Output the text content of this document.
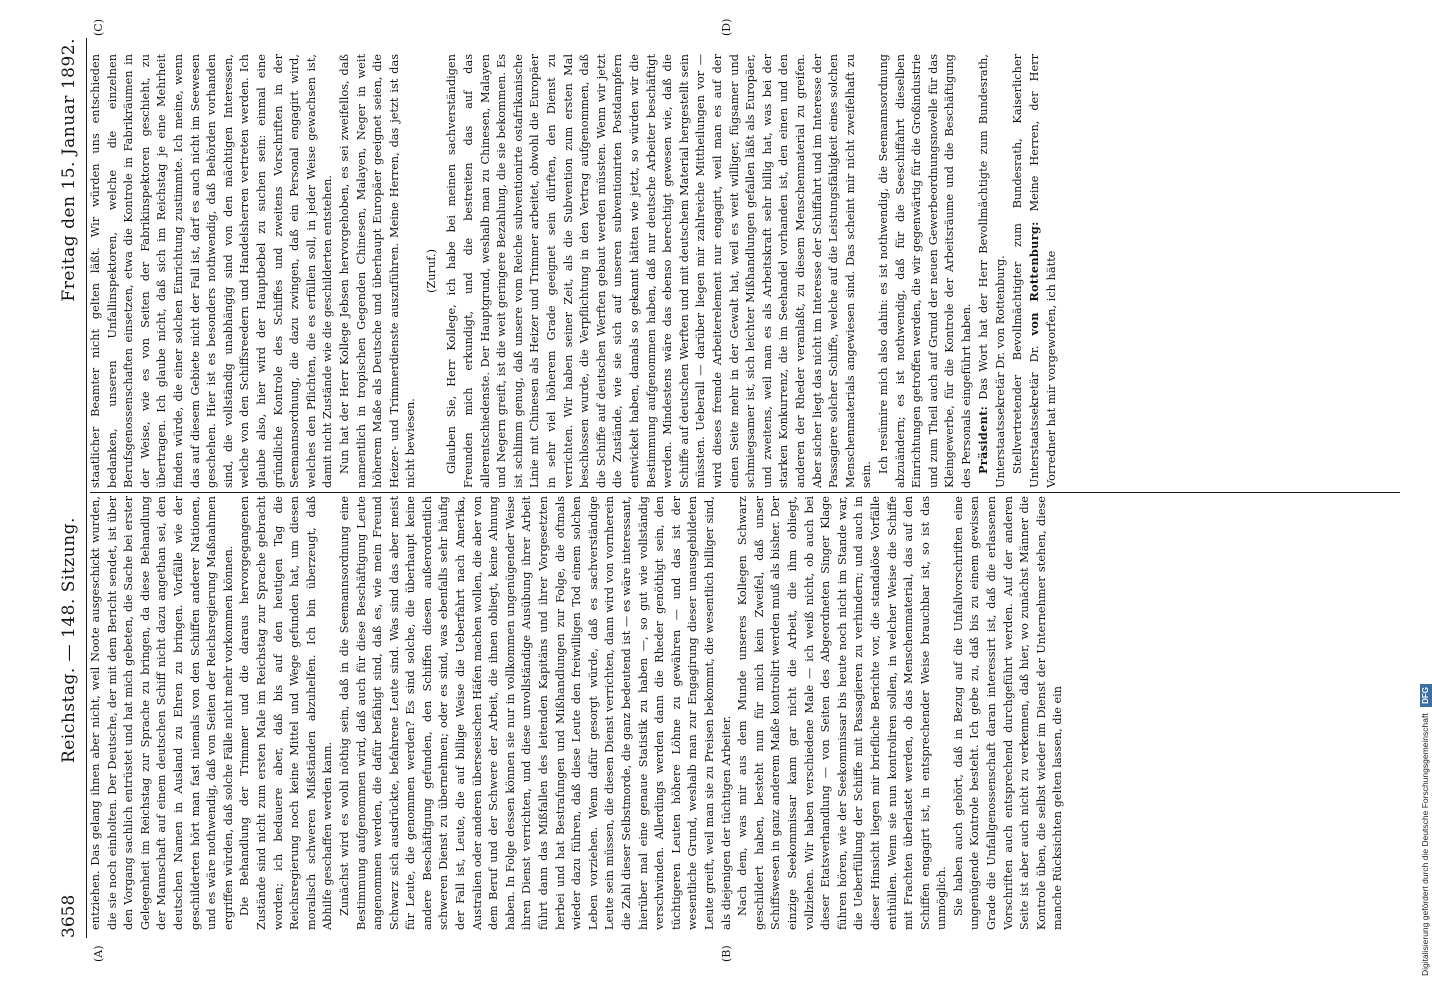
3658
Reichstag. — 148. Sitzung.
Freitag den 15. Januar 1892.
(A)	(B)
(C)	(D)

entziehen. Das gelang ihnen aber nicht, weil Noote ausgeschickt wurden, die sie noch einholten. Der Deutsche, der mit dem Bericht sendet, ist über den Vorgang sachlich entrüstet und hat mich gebeten, die Sache bei erster Gelegenheit im Reichstag zur Sprache zu bringen, da diese Behandlung der Mannschaft auf einem deutschen Schiff nicht dazu angethan sei, den deutschen Namen in Ausland zu Ehren zu bringen. Vorfälle wie der geschilderten hört man fast niemals von den Schiffen anderer Nationen, und es wäre nothwendig, daß von Seiten der Reichsregierung Maßnahmen ergriffen würden, daß solche Fälle nicht mehr vorkommen können. Die Behandlung der Trimmer und die daraus hervorgegangenen Zustände sind nicht zum ersten Male im Reichstag zur Sprache gebracht worden; ich bedauere aber, daß bis auf den heutigen Tag die Reichsregierung noch keine Mittel und Wege gefunden hat, um diesen moralisch schweren Mißständen abzuhelfen. Ich bin überzeugt, daß Abhilfe geschaffen werden kann. Zunächst wird es wohl nöthig sein, daß in die Seemannsordnung eine Bestimmung aufgenommen wird, daß auch für diese Beschäftigung Leute angenommen werden, die dafür befähigt sind, daß es, wie mein Freund Schwarz sich ausdrückte, befahrene Leute sind. Was sind das aber meist für Leute, die genommen werden? Es sind solche, die überhaupt keine andere Beschäftigung gefunden, den Schiffen diesen außerordentlich schweren Dienst zu übernehmen; oder es sind, was ebenfalls sehr häufig der Fall ist, Leute, die auf billige Weise die Ueberfahrt nach Amerika, Australien oder anderen überseeischen Häfen machen wollen, die aber von dem Beruf und der Schwere der Arbeit, die ihnen obliegt, keine Ahnung haben. In Folge dessen können sie nur in vollkommen ungenügender Weise ihren Dienst verrichten, und diese unvollständige Ausübung ihrer Arbeit führt dann das Mißfallen des leitenden Kapitäns und ihrer Vorgesetzten herbei und hat Bestrafungen und Mißhandlungen zur Folge, die oftmals wieder dazu führen, daß diese Leute den freiwilligen Tod einem solchen Leben vorziehen. Wenn dafür gesorgt würde, daß es sachverständige Leute sein müssen, die diesen Dienst verrichten, dann wird von vornherein die Zahl dieser Selbstmorde, die ganz bedeutend ist — es wäre interessant, hierüber mal eine genaue Statistik zu haben —, so gut wie vollständig verschwinden. Allerdings werden dann die Rheder genöthigt sein, den tüchtigeren Leuten höhere Löhne zu gewähren — und das ist der wesentliche Grund, weshalb man zur Engagirung dieser unausgebildeten Leute greift, weil man sie zu Preisen bekommt, die wesentlich billiger sind, als diejenigen der tüchtigen Arbeiter. Nach dem, was mir aus dem Munde unseres Kollegen Schwarz geschildert haben, besteht nun für mich kein Zweifel, daß unser Schiffswesen in ganz anderem Maße kontrolirt werden muß als bisher. Der einzige Seekommissar kann gar nicht die Arbeit, die ihm obliegt, vollziehen. Wir haben verschiedene Male — ich weiß nicht, ob auch bei dieser Etatsverhandlung — von Seiten des Abgeordneten Singer Klage führen hören, wie der Seekommissar bis heute noch nicht im Stande war, die Ueberfüllung der Schiffe mit Passagieren zu verhindern; und auch in dieser Hinsicht liegen mir briefliche Berichte vor, die standalöse Vorfälle enthüllen. Wenn sie nun kontroliren sollen, in welcher Weise die Schiffe mit Frachten überlastet werden, ob das Menschenmaterial, das auf den Schiffen engagirt ist, in entsprechender Weise brauchbar ist, so ist das unmöglich. Sie haben auch gehört, daß in Bezug auf die Unfallvorschriften eine ungenügende Kontrole besteht. Ich gebe zu, daß bis zu einem gewissen Grade die Unfallgenossenschaft daran interessirt ist, daß die erlassenen Vorschriften auch entsprechend durchgeführt werden. Auf der anderen Seite ist aber auch nicht zu verkennen, daß hier, wo zunächst Männer die Kontrole üben, die selbst wieder im Dienst der Unternehmer stehen, diese manche Rücksichten gelten lassen, die ein

staatlicher Beamter nicht gelten läßt. Wir würden uns entschieden bedanken, unseren Unfallinspektoren, welche die einzelnen Berufsgenossenschaften einsetzen, etwa die Kontrole in Fabrikräumen in der Weise, wie es von Seiten der Fabrikinspektoren geschieht, zu übertragen. Ich glaube nicht, daß sich im Reichstag je eine Mehrheit finden würde, die einer solchen Einrichtung zustimmte. Ich meine, wenn das auf diesem Gebiete nicht der Fall ist, darf es auch nicht im Seewesen geschehen. Hier ist es besonders nothwendig, daß Behörden vorhanden sind, die vollständig unabhängig sind von den mächtigen Interessen, welche von den Schiffsreedern und Handelsherren vertreten werden. Ich glaube also, hier wird der Hauptbebel zu suchen sein: einmal eine gründliche Kontrole des Schiffes und zweitens Vorschriften in der Seemannsordnung, die dazu zwingen, daß ein Personal engagirt wird, welches den Pflichten, die es erfüllen soll, in jeder Weise gewachsen ist, damit nicht Zustände wie die geschilderten entstehen. Nun hat der Herr Kollege Jebsen hervorgehoben, es sei zweifellos, daß namentlich in tropischen Gegenden Chinesen, Malayen, Neger in weit höherem Maße als Deutsche und überhaupt Europäer geeignet seien, die Heizer- und Trimmerdienste auszuführen. Meine Herren, das jetzt ist das nicht bewiesen.

(Zuruf.) Glauben Sie, Herr Kollege, ich habe bei meinen sachverständigen Freunden mich erkundigt, und die bestreiten das auf das allerentschiedenste. Der Hauptgrund, weshalb man zu Chinesen, Malayen und Negern greift, ist die weit geringere Bezahlung, die sie bekommen. Es ist schlimm genug, daß unsere vom Reiche subventionirte ostafrikanische Linie mit Chinesen als Heizer und Trimmer arbeitet, obwohl die Europäer in sehr viel höherem Grade geeignet sein dürften, den Dienst zu verrichten. Wir haben seiner Zeit, als die Subvention zum ersten Mal beschlossen wurde, die Verpflichtung in den Vertrag aufgenommen, daß die Schiffe auf deutschen Werften gebaut werden müssten. Wenn wir jetzt die Zustände, wie sie sich auf unseren subventionirten Postdampfern entwickelt haben, damals so gekannt hätten wie jetzt, so würden wir die Bestimmung aufgenommen haben, daß nur deutsche Arbeiter beschäftigt werden. Mindestens wäre das ebenso berechtigt gewesen wie, daß die Schiffe auf deutschen Werften und mit deutschem Material hergestellt sein müssten. Ueberall — darüber liegen mir zahlreiche Mittheilungen vor — wird dieses fremde Arbeiterelement nur engagirt, weil man es auf der einen Seite mehr in der Gewalt hat, weil es weit williger, fügsamer und schmiegsamer ist, sich leichter Mißhandlungen gefallen läßt als Europäer, und zweitens, weil man es als Arbeitskraft sehr billig hat, was bei der starken Konkurrenz, die im Seehandel vorhanden ist, den einen und den anderen der Rheder veranlaßt, zu diesem Menschenmaterial zu greifen. Aber sicher liegt das nicht im Interesse der Schiffahrt und im Interesse der Passagiere solcher Schiffe, welche auf die Leistungsfähigkeit eines solchen Menschenmaterials angewiesen sind. Das scheint mir nicht zweifelhaft zu sein.

Ich resümire mich also dahin: es ist nothwendig, die Seemannsordnung abzuändern; es ist nothwendig, daß für die Seeschiffahrt dieselben Einrichtungen getroffen werden, die wir gegenwärtig für die Großindustrie und zum Theil auch auf Grund der neuen Gewerbeordnungsnovelle für das Kleingewerbe, für die Kontrole der Arbeitsräume und die Beschäftigung des Personals eingeführt haben. Präsident: Das Wort hat der Herr Bevollmächtigte zum Bundesrath, Unterstaatssekretär Dr. von Rottenburg. Stellvertretender Bevollmächtigter zum Bundesrath, Kaiserlicher Unterstaatssekretär Dr. von Rottenburg: Meine Herren, der Herr Vorredner hat mir vorgeworfen, ich hätte

Digitalisierung gefördert durch die Deutsche Forschungsgemeinschaft DFG
